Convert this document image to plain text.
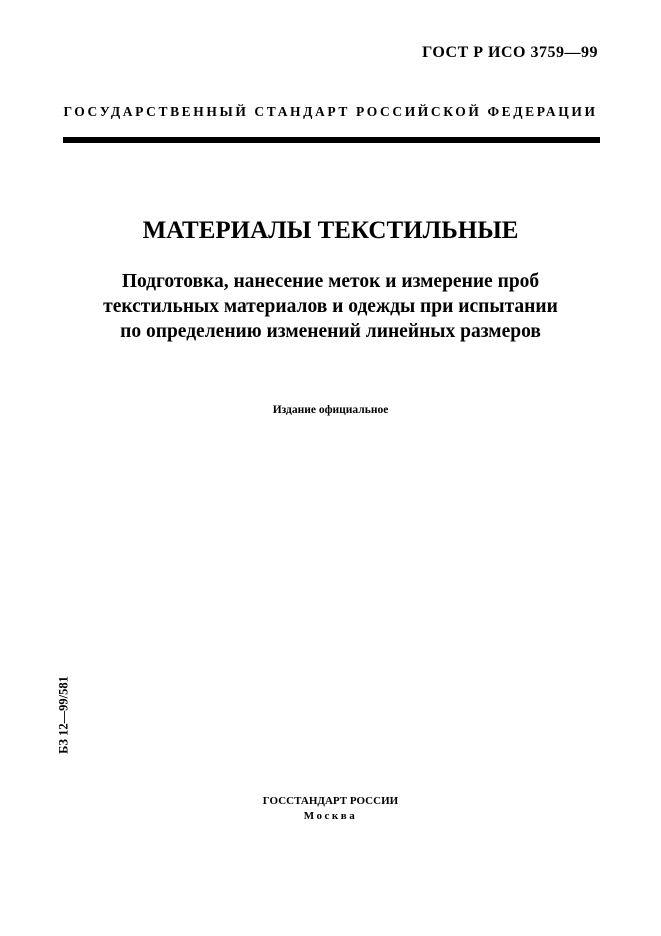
ГОСТ Р ИСО 3759—99
ГОСУДАРСТВЕННЫЙ СТАНДАРТ РОССИЙСКОЙ ФЕДЕРАЦИИ
МАТЕРИАЛЫ ТЕКСТИЛЬНЫЕ
Подготовка, нанесение меток и измерение проб
текстильных материалов и одежды при испытании
по определению изменений линейных размеров
Издание официальное
БЗ 12—99/581
ГОССТАНДАРТ РОССИИ
Москва
